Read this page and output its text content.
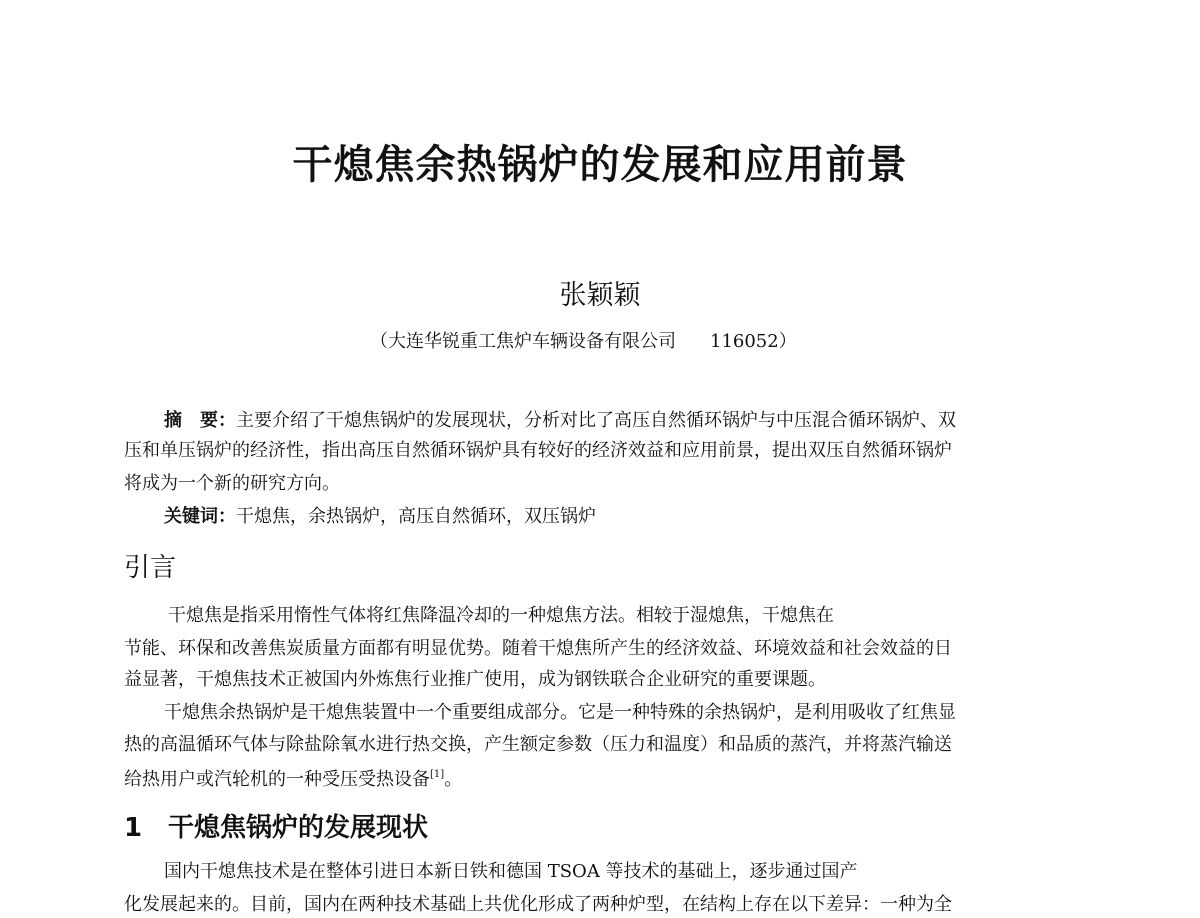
干熄焦余热锅炉的发展和应用前景
张颖颖
（大连华锐重工焦炉车辆设备有限公司 116052）
摘　要：主要介绍了干熄焦锅炉的发展现状，分析对比了高压自然循环锅炉与中压混合循环锅炉、双
压和单压锅炉的经济性，指出高压自然循环锅炉具有较好的经济效益和应用前景，提出双压自然循环锅炉
将成为一个新的研究方向。
关键词：干熄焦，余热锅炉，高压自然循环，双压锅炉
引言
干熄焦是指采用惰性气体将红焦降温冷却的一种熄焦方法。相较于湿熄焦，干熄焦在
节能、环保和改善焦炭质量方面都有明显优势。随着干熄焦所产生的经济效益、环境效益和社会效益的日
益显著，干熄焦技术正被国内外炼焦行业推广使用，成为钢铁联合企业研究的重要课题。
干熄焦余热锅炉是干熄焦装置中一个重要组成部分。它是一种特殊的余热锅炉，是利用吸收了红焦显
热的高温循环气体与除盐除氧水进行热交换，产生额定参数（压力和温度）和品质的蒸汽，并将蒸汽输送
给热用户或汽轮机的一种受压受热设备[1]。
1 干熄焦锅炉的发展现状
国内干熄焦技术是在整体引进日本新日铁和德国 TSOA 等技术的基础上，逐步通过国产
化发展起来的。目前，国内在两种技术基础上共优化形成了两种炉型，在结构上存在以下差异：一种为全
